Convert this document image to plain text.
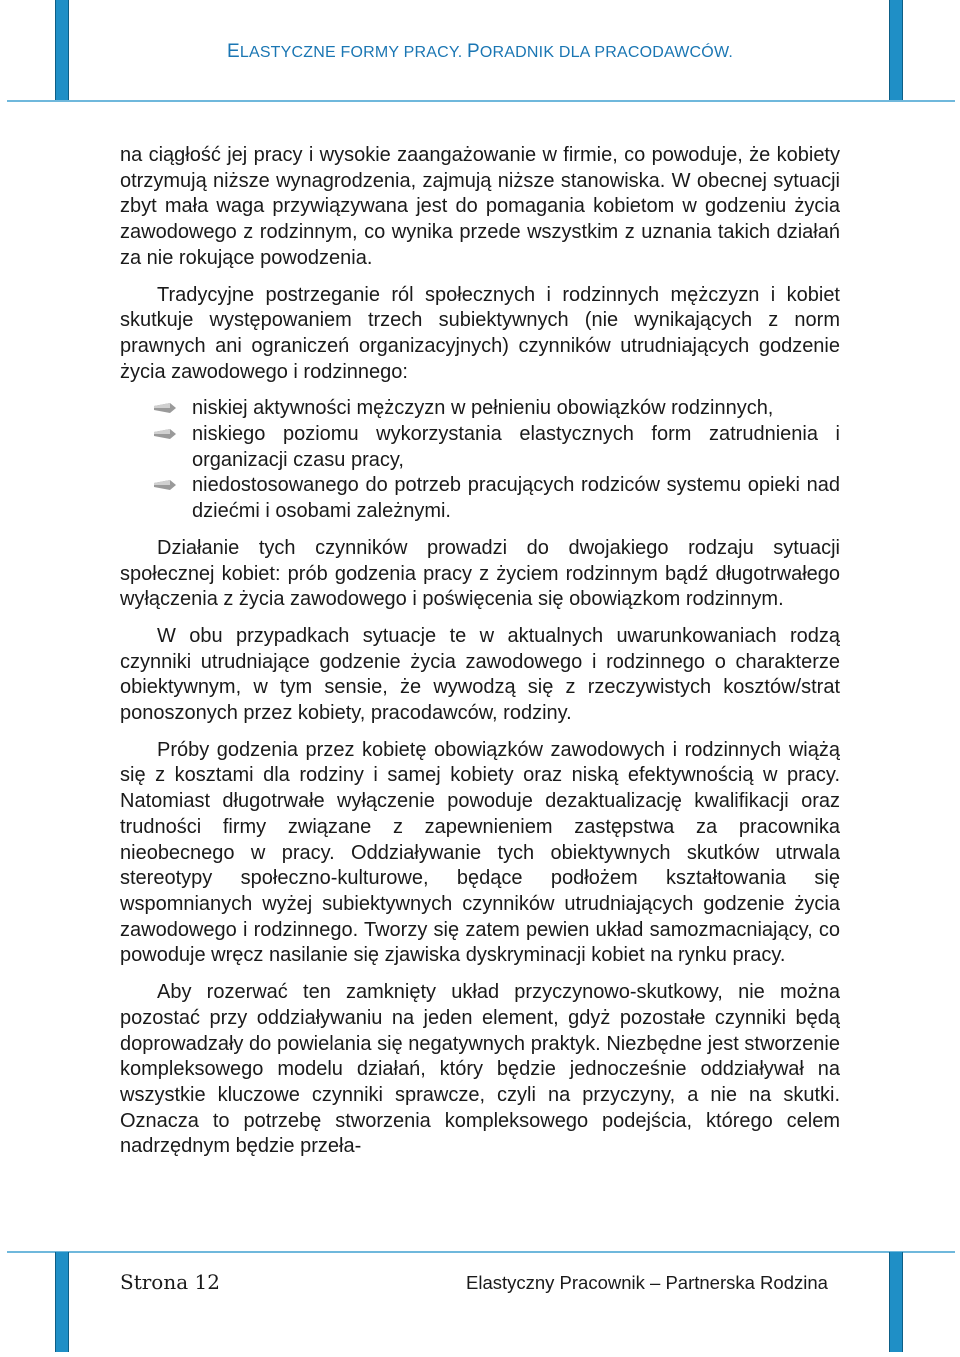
ELASTYCZNE FORMY PRACY. PORADNIK DLA PRACODAWCÓW.

na ciągłość jej pracy i wysokie zaangażowanie w firmie, co powoduje, że kobiety otrzymują niższe wynagrodzenia, zajmują niższe stanowiska. W obecnej sytuacji zbyt mała waga przywiązywana jest do pomagania kobietom w godzeniu życia zawodowego z rodzinnym, co wynika przede wszystkim z uznania takich działań za nie rokujące powodzenia.

Tradycyjne postrzeganie ról społecznych i rodzinnych mężczyzn i kobiet skutkuje występowaniem trzech subiektywnych (nie wynikających z norm prawnych ani ograniczeń organizacyjnych) czynników utrudniających godzenie życia zawodowego i rodzinnego:

niskiej aktywności mężczyzn w pełnieniu obowiązków rodzinnych,
niskiego poziomu wykorzystania elastycznych form zatrudnienia i organizacji czasu pracy,
niedostosowanego do potrzeb pracujących rodziców systemu opieki nad dziećmi i osobami zależnymi.

Działanie tych czynników prowadzi do dwojakiego rodzaju sytuacji społecznej kobiet: prób godzenia pracy z życiem rodzinnym bądź długotrwałego wyłączenia z życia zawodowego i poświęcenia się obowiązkom rodzinnym.

W obu przypadkach sytuacje te w aktualnych uwarunkowaniach rodzą czynniki utrudniające godzenie życia zawodowego i rodzinnego o charakterze obiektywnym, w tym sensie, że wywodzą się z rzeczywistych kosztów/strat ponoszonych przez kobiety, pracodawców, rodziny.

Próby godzenia przez kobietę obowiązków zawodowych i rodzinnych wiążą się z kosztami dla rodziny i samej kobiety oraz niską efektywnością w pracy. Natomiast długotrwałe wyłączenie powoduje dezaktualizację kwalifikacji oraz trudności firmy związane z zapewnieniem zastępstwa za pracownika nieobecnego w pracy. Oddziaływanie tych obiektywnych skutków utrwala stereotypy społeczno-kulturowe, będące podłożem kształtowania się wspomnianych wyżej subiektywnych czynników utrudniających godzenie życia zawodowego i rodzinnego. Tworzy się zatem pewien układ samozmacniający, co powoduje wręcz nasilanie się zjawiska dyskryminacji kobiet na rynku pracy.

Aby rozerwać ten zamknięty układ przyczynowo-skutkowy, nie można pozostać przy oddziaływaniu na jeden element, gdyż pozostałe czynniki będą doprowadzały do powielania się negatywnych praktyk. Niezbędne jest stworzenie kompleksowego modelu działań, który będzie jednocześnie oddziaływał na wszystkie kluczowe czynniki sprawcze, czyli na przyczyny, a nie na skutki. Oznacza to potrzebę stworzenia kompleksowego podejścia, którego celem nadrzędnym będzie przeła-

Strona 12	Elastyczny Pracownik – Partnerska Rodzina
